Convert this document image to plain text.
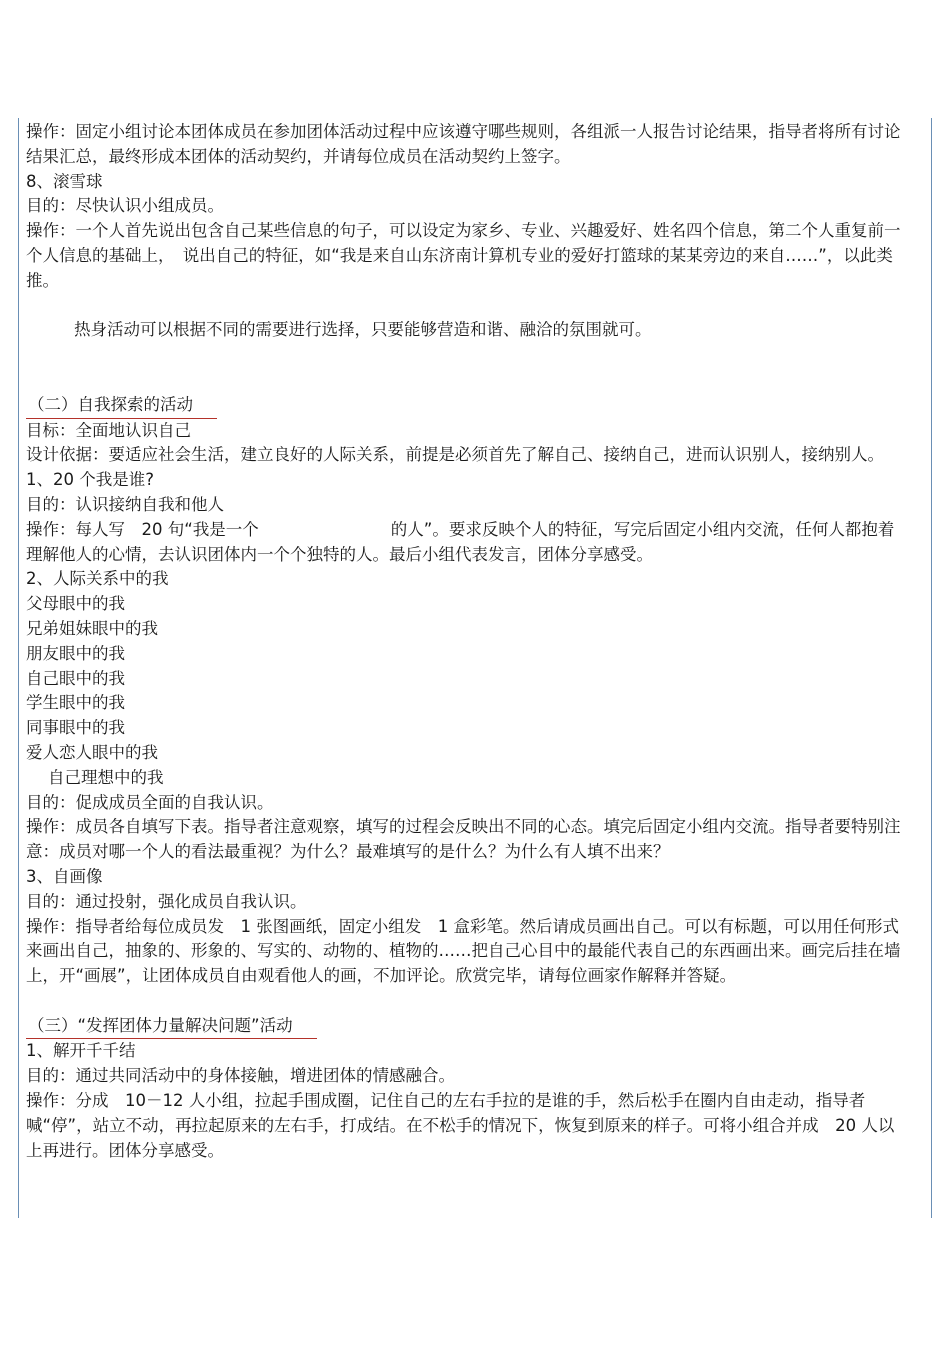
操作：固定小组讨论本团体成员在参加团体活动过程中应该遵守哪些规则，各组派一人报告讨论结果，指导者将所有讨论结果汇总，最终形成本团体的活动契约，并请每位成员在活动契约上签字。

8、滚雪球

目的：尽快认识小组成员。

操作：一个人首先说出包含自己某些信息的句子，可以设定为家乡、专业、兴趣爱好、姓名四个信息，第二个人重复前一个人信息的基础上，　说出自己的特征，如“我是来自山东济南计算机专业的爱好打篮球的某某旁边的来自……”，以此类推。

热身活动可以根据不同的需要进行选择，只要能够营造和谐、融洽的氛围就可。

（二）自我探索的活动

目标：全面地认识自己

设计依据：要适应社会生活，建立良好的人际关系，前提是必须首先了解自己、接纳自己，进而认识别人，接纳别人。

1、20 个我是谁?

目的：认识接纳自我和他人

操作：每人写　20 句“我是一个　　　　　　　　的人”。要求反映个人的特征，写完后固定小组内交流，任何人都抱着理解他人的心情，去认识团体内一个个独特的人。最后小组代表发言，团体分享感受。

2、人际关系中的我

父母眼中的我

兄弟姐妹眼中的我

朋友眼中的我

自己眼中的我

学生眼中的我

同事眼中的我

爱人恋人眼中的我

自己理想中的我

目的：促成成员全面的自我认识。

操作：成员各自填写下表。指导者注意观察，填写的过程会反映出不同的心态。填完后固定小组内交流。指导者要特别注意：成员对哪一个人的看法最重视？为什么？最难填写的是什么？为什么有人填不出来？

3、自画像

目的：通过投射，强化成员自我认识。

操作：指导者给每位成员发　1 张图画纸，固定小组发　1 盒彩笔。然后请成员画出自己。可以有标题，可以用任何形式来画出自己，抽象的、形象的、写实的、动物的、植物的……把自己心目中的最能代表自己的东西画出来。画完后挂在墙上，开“画展”，让团体成员自由观看他人的画，不加评论。欣赏完毕，请每位画家作解释并答疑。

（三）“发挥团体力量解决问题”活动

1、解开千千结

目的：通过共同活动中的身体接触，增进团体的情感融合。

操作：分成　10－12 人小组，拉起手围成圈，记住自己的左右手拉的是谁的手，然后松手在圈内自由走动，指导者喊“停”，站立不动，再拉起原来的左右手，打成结。在不松手的情况下，恢复到原来的样子。可将小组合并成　20 人以上再进行。团体分享感受。
